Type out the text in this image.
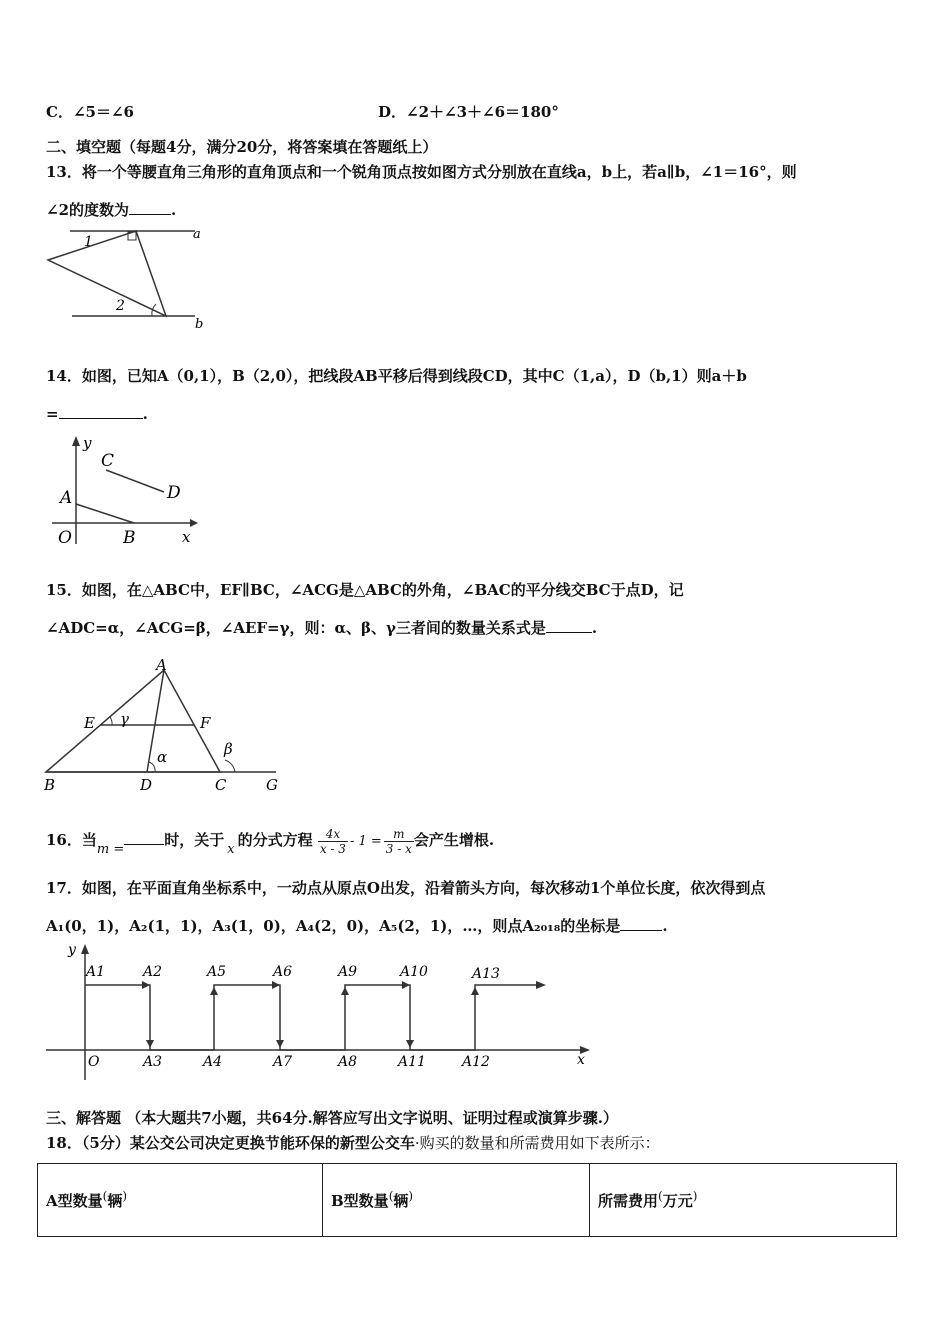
C．∠5＝∠6	D．∠2＋∠3＋∠6＝180°
二、填空题（每题4分，满分20分，将答案填在答题纸上）
13．将一个等腰直角三角形的直角顶点和一个锐角顶点按如图方式分别放在直线a，b上，若a∥b，∠1＝16°，则
∠2的度数为	.
1
2
a
b
14．如图，已知A（0,1），B（2,0），把线段AB平移后得到线段CD，其中C（1,a），D（b,1）则a＋b
=	.
y
x
C
D
A
O	B
15．如图，在△ABC中，EF∥BC，∠ACG是△ABC的外角，∠BAC的平分线交BC于点D，记
∠ADC=α，∠ACG=β，∠AEF=γ，则：α、β、γ三者间的数量关系式是	.
A
E	F
γ
α	β
B	D	C	G
16．当m =时，关于x的分式方程 $\frac{4x}{x - 3} - 1 = \frac{m}{3 - x}$ 会产生增根.
17．如图，在平面直角坐标系中，一动点从原点O出发，沿着箭头方向，每次移动1个单位长度，依次得到点
A₁(0，1)，A₂(1，1)，A₃(1，0)，A₄(2，0)，A₅(2，1)，…，则点A₂₀₁₈的坐标是	.
y
x
O
A1	A2	A5	A6	A9	A10	A13
A3	A4	A7	A8	A11	A12
三、解答题 （本大题共7小题，共64分.解答应写出文字说明、证明过程或演算步骤.）
18．（5分）某公交公司决定更换节能环保的新型公交车·购买的数量和所需费用如下表所示：
A型数量(辆)	B型数量(辆)	所需费用(万元)
